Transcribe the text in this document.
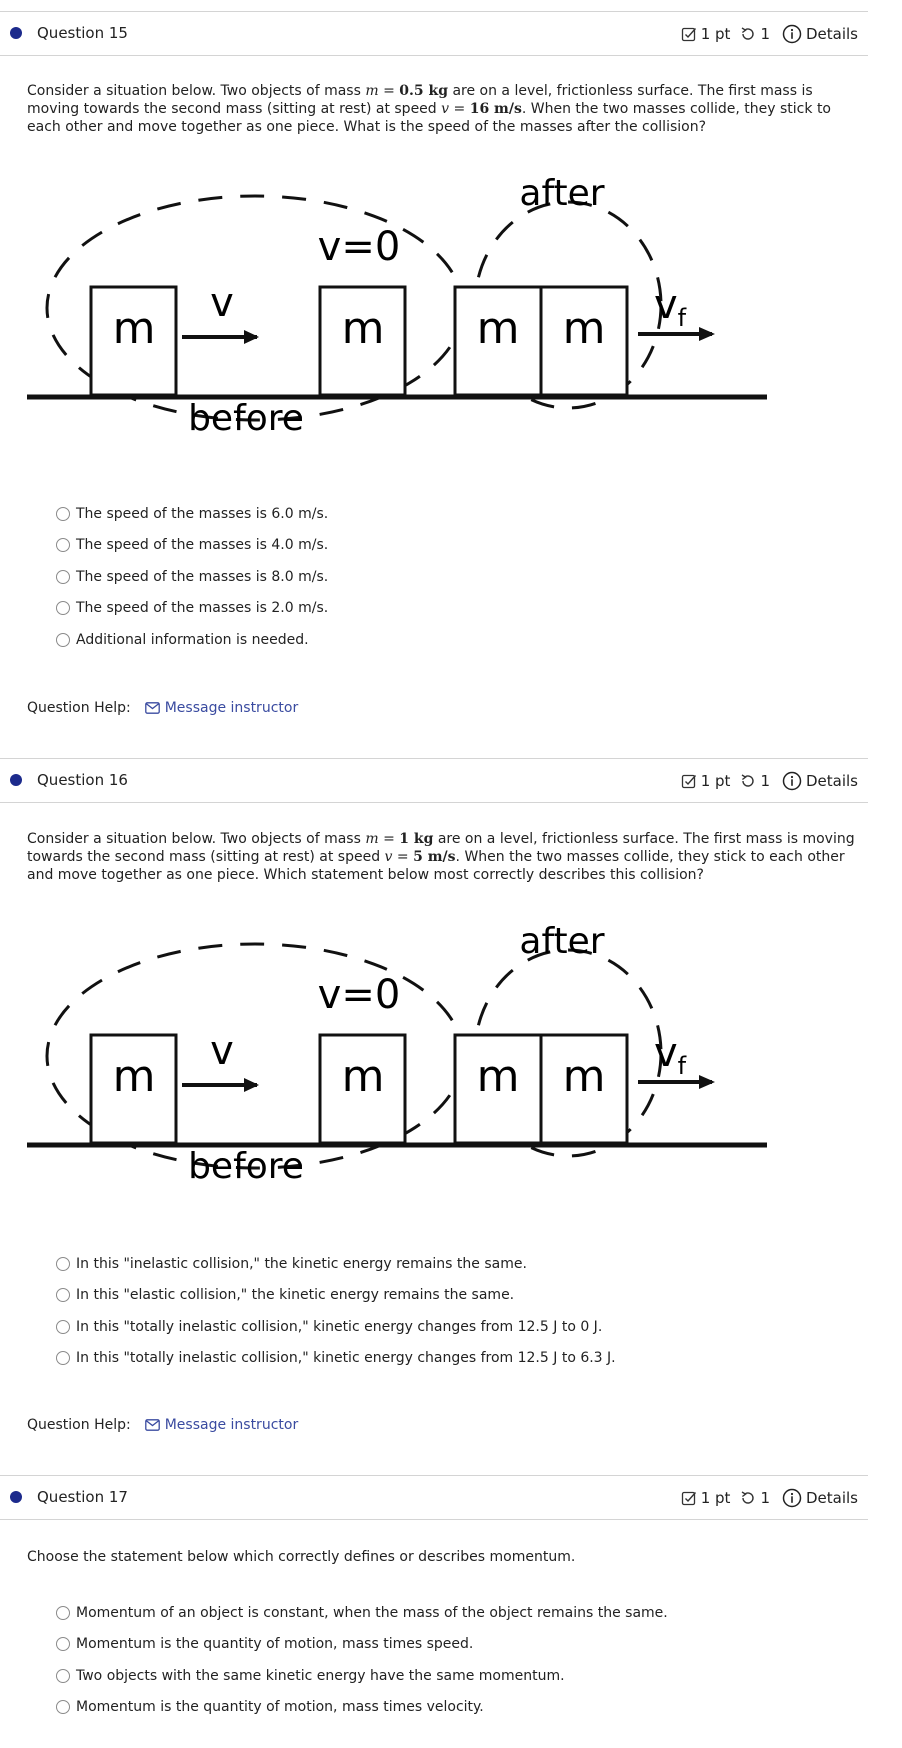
Question 15	1 pt 1 Details
Consider a situation below. Two objects of mass m = 0.5 kg are on a level, frictionless surface. The first mass is moving towards the second mass (sitting at rest) at speed v = 16 m/s. When the two masses collide, they stick to each other and move together as one piece. What is the speed of the masses after the collision?
m v m
v=0
m m $v_f$
after
before
The speed of the masses is 6.0 m/s.
The speed of the masses is 4.0 m/s.
The speed of the masses is 8.0 m/s.
The speed of the masses is 2.0 m/s.
Additional information is needed.
Question Help: Message instructor
Question 16	1 pt 1 Details
Consider a situation below. Two objects of mass m = 1 kg are on a level, frictionless surface. The first mass is moving towards the second mass (sitting at rest) at speed v = 5 m/s. When the two masses collide, they stick to each other and move together as one piece. Which statement below most correctly describes this collision?
m v m
v=0
m m $v_f$
after
before
In this "inelastic collision," the kinetic energy remains the same.
In this "elastic collision," the kinetic energy remains the same.
In this "totally inelastic collision," kinetic energy changes from 12.5 J to 0 J.
In this "totally inelastic collision," kinetic energy changes from 12.5 J to 6.3 J.
Question Help: Message instructor
Question 17	1 pt 1 Details
Choose the statement below which correctly defines or describes momentum.
Momentum of an object is constant, when the mass of the object remains the same.
Momentum is the quantity of motion, mass times speed.
Two objects with the same kinetic energy have the same momentum.
Momentum is the quantity of motion, mass times velocity.
